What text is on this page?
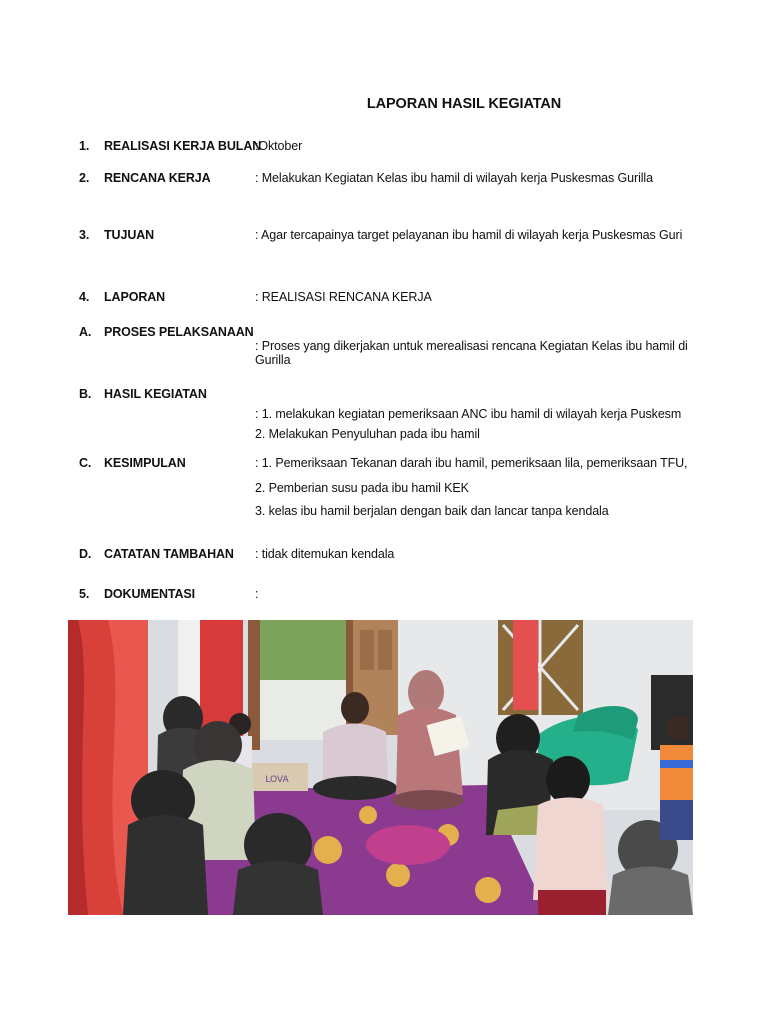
LAPORAN HASIL KEGIATAN
1. REALISASI KERJA BULAN
:Oktober
2. RENCANA KERJA	: Melakukan Kegiatan Kelas ibu hamil di wilayah kerja Puskesmas Gurilla
3. TUJUAN	: Agar tercapainya target pelayanan ibu hamil di wilayah kerja Puskesmas Guri
4. LAPORAN	: REALISASI RENCANA KERJA
A. PROSES PELAKSANAAN
: Proses yang dikerjakan untuk merealisasi rencana Kegiatan Kelas ibu hamil di
Gurilla
B. HASIL KEGIATAN
: 1. melakukan kegiatan pemeriksaan ANC ibu hamil di wilayah kerja Puskesm
2. Melakukan Penyuluhan pada ibu hamil
C. KESIMPULAN	: 1. Pemeriksaan Tekanan darah ibu hamil, pemeriksaan lila, pemeriksaan TFU,
2. Pemberian susu pada ibu hamil KEK
3. kelas ibu hamil berjalan dengan baik dan lancar tanpa kendala
D. CATATAN TAMBAHAN : tidak ditemukan kendala
5. DOKUMENTASI	:
LOVA
